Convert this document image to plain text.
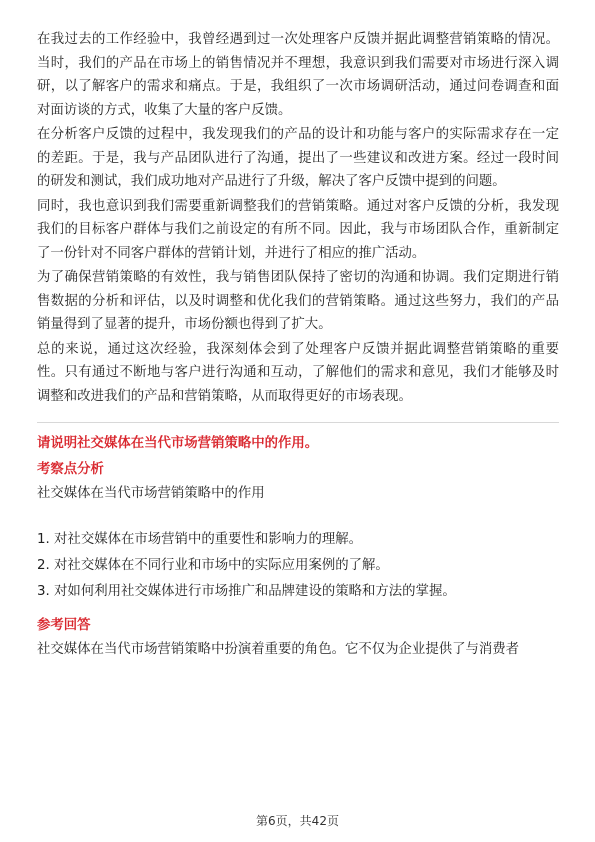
在我过去的工作经验中，我曾经遇到过一次处理客户反馈并据此调整营销策略的情况。当时，我们的产品在市场上的销售情况并不理想，我意识到我们需要对市场进行深入调研，以了解客户的需求和痛点。于是，我组织了一次市场调研活动，通过问卷调查和面对面访谈的方式，收集了大量的客户反馈。

在分析客户反馈的过程中，我发现我们的产品的设计和功能与客户的实际需求存在一定的差距。于是，我与产品团队进行了沟通，提出了一些建议和改进方案。经过一段时间的研发和测试，我们成功地对产品进行了升级，解决了客户反馈中提到的问题。

同时，我也意识到我们需要重新调整我们的营销策略。通过对客户反馈的分析，我发现我们的目标客户群体与我们之前设定的有所不同。因此，我与市场团队合作，重新制定了一份针对不同客户群体的营销计划，并进行了相应的推广活动。

为了确保营销策略的有效性，我与销售团队保持了密切的沟通和协调。我们定期进行销售数据的分析和评估，以及时调整和优化我们的营销策略。通过这些努力，我们的产品销量得到了显著的提升，市场份额也得到了扩大。

总的来说，通过这次经验，我深刻体会到了处理客户反馈并据此调整营销策略的重要性。只有通过不断地与客户进行沟通和互动，了解他们的需求和意见，我们才能够及时调整和改进我们的产品和营销策略，从而取得更好的市场表现。

请说明社交媒体在当代市场营销策略中的作用。

考察点分析

社交媒体在当代市场营销策略中的作用

1. 对社交媒体在市场营销中的重要性和影响力的理解。

2. 对社交媒体在不同行业和市场中的实际应用案例的了解。

3. 对如何利用社交媒体进行市场推广和品牌建设的策略和方法的掌握。

参考回答

社交媒体在当代市场营销策略中扮演着重要的角色。它不仅为企业提供了与消费者

第6页，共42页
